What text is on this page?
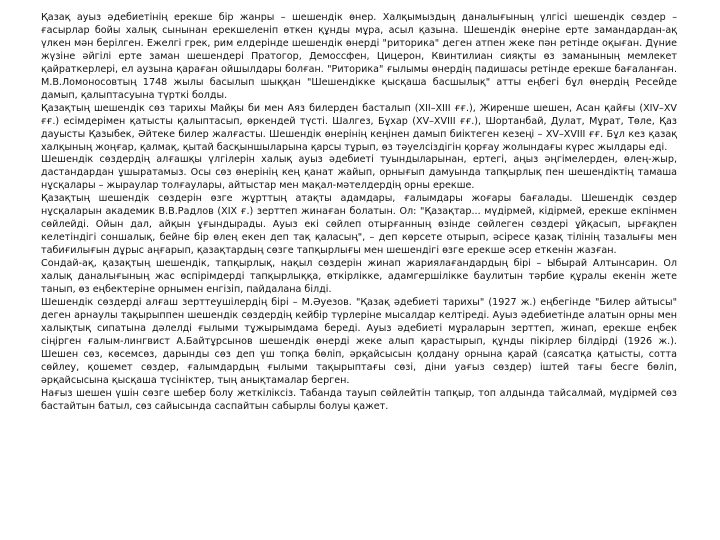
Қазақ ауыз әдебиетінің ерекше бір жанры – шешендік өнер. Халқымыздың даналығының үлгісі шешендік сөздер – ғасырлар бойы халық сынынан ерекшеленіп өткен құнды мұра, асыл қазына. Шешендік өнеріне ерте замандардан-ақ үлкен мән берілген. Ежелгі грек, рим елдерінде шешендік өнерді "риторика" деген атпен жеке пән ретінде оқыған. Дүние жүзіне әйгілі ерте заман шешендері Пратогор, Демоссфен, Цицерон, Квинтилиан сияқты өз заманының мемлекет қайраткерлері, ел аузына қараған ойшылдары болған. "Риторика" ғылымы өнердің падишасы ретінде ерекше бағаланған. М.В.Ломоносовтың 1748 жылы басылып шыққан "Шешендікке қысқаша басшылық" атты еңбегі бұл өнердің Ресейде дамып, қалыптасуына түрткі болды.

Қазақтың шешендік сөз тарихы Майқы би мен Аяз билерден басталып (XII–XIII ғғ.), Жиренше шешен, Асан қайғы (XIV–XV ғғ.) есімдерімен қатысты қалыптасып, өркендей түсті. Шалгез, Бұхар (XV–XVIII ғғ.), Шортанбай, Дулат, Мұрат, Төле, Қаз дауысты Қазыбек, Әйтеке билер жалғасты. Шешендік өнерінің кеңінен дамып биіктеген кезеңі – XV–XVIII ғғ. Бұл кез қазақ халқының жоңғар, қалмақ, қытай басқыншыларына қарсы тұрып, өз тәуелсіздігін қорғау жолындағы күрес жылдары еді.

Шешендік сөздердің алғашқы үлгілерін халық ауыз әдебиеті туындыларынан, ертегі, аңыз әңгімелерден, өлең-жыр, дастандардан ұшыратамыз. Осы сөз өнерінің кең қанат жайып, орнығып дамуында тапқырлық пен шешендіктің тамаша нұсқалары – жыраулар толғаулары, айтыстар мен мақал-мәтелдердің орны ерекше.

Қазақтың шешендік сөздерін өзге жұрттың атақты адамдары, ғалымдары жоғары бағалады. Шешендік сөздер нұсқаларын академик В.В.Радлов (XIX ғ.) зерттеп жинаған болатын. Ол: "Қазақтар... мүдірмей, кідірмей, ерекше екпінмен сөйлейді. Ойын дал, айқын ұғындырады. Ауыз екі сөйлеп отырғанның өзінде сөйлеген сөздері ұйқасып, ырғақпен келетіндігі соншалық, бейне бір өлең екен деп тақ қаласың", – деп көрсете отырып, әсіресе қазақ тілінің тазалығы мен табиғилығын дұрыс аңғарып, қазақтардың сөзге тапқырлығы мен шешендігі өзге ерекше әсер еткенін жазған.

Сондай-ақ, қазақтың шешендік, тапқырлық, нақыл сөздерін жинап жариялағандардың бірі – Ыбырай Алтынсарин. Ол халық даналығының жас өспірімдерді тапқырлыққа, өткірлікке, адамгершілікке баулитын тәрбие құралы екенін жете танып, өз еңбектеріне орнымен енгізіп, пайдалана білді.

Шешендік сөздерді алғаш зерттеушілердің бірі – М.Әуезов. "Қазақ әдебиеті тарихы" (1927 ж.) еңбегінде "Билер айтысы" деген арнаулы тақырыппен шешендік сөздердің кейбір түрлеріне мысалдар келтіреді. Ауыз әдебиетінде алатын орны мен халықтық сипатына дәлелді ғылыми тұжырымдама береді. Ауыз әдебиеті мұраларын зерттеп, жинап, ерекше еңбек сіңірген ғалым-лингвист А.Байтұрсынов шешендік өнерді жеке алып қарастырып, құнды пікірлер білдірді (1926 ж.). Шешен сөз, көсемсөз, дарынды сөз деп үш топқа бөліп, әрқайсысын қолдану орнына қарай (саясатқа қатысты, сотта сөйлеу, қошемет сөздер, ғалымдардың ғылыми тақырыптағы сөзі, діни уағыз сөздер) іштей тағы бесге бөліп, әрқайсысына қысқаша түсініктер, тың анықтамалар берген.

Нағыз шешен үшін сөзге шебер болу жеткіліксіз. Табанда тауып сөйлейтін тапқыр, топ алдында тайсалмай, мүдірмей сөз бастайтын батыл, сөз сайысында саспайтын сабырлы болуы қажет.
